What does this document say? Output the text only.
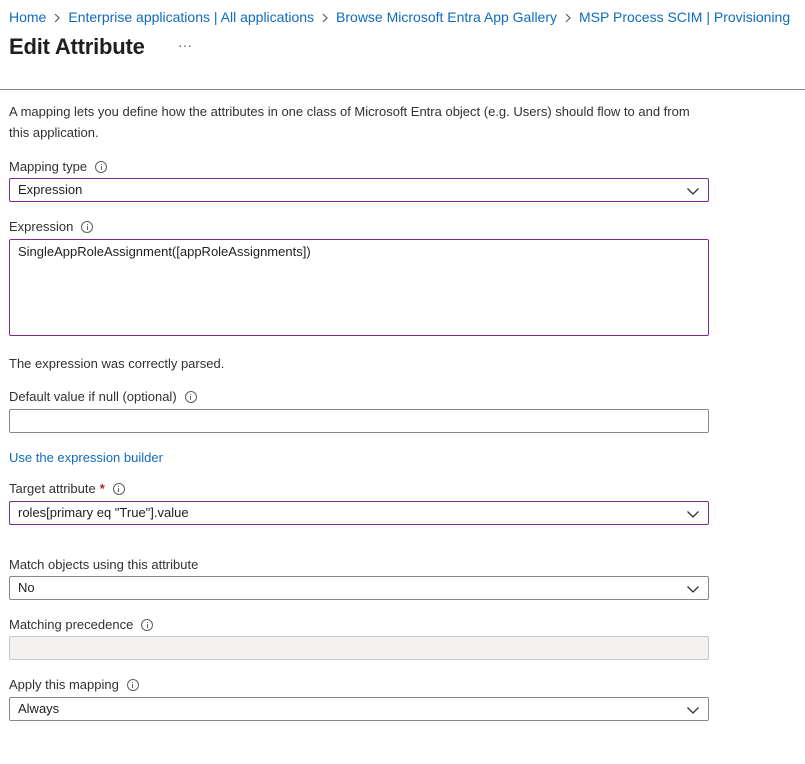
Home Enterprise applications | All applications Browse Microsoft Entra App Gallery MSP Process SCIM | Provisioning
Edit Attribute ···
A mapping lets you define how the attributes in one class of Microsoft Entra object (e.g. Users) should flow to and from this application.
Mapping type
Expression
Expression
SingleAppRoleAssignment([appRoleAssignments])
The expression was correctly parsed.
Default value if null (optional)
Use the expression builder
Target attribute *
roles[primary eq "True"].value
Match objects using this attribute
No
Matching precedence
Apply this mapping
Always
